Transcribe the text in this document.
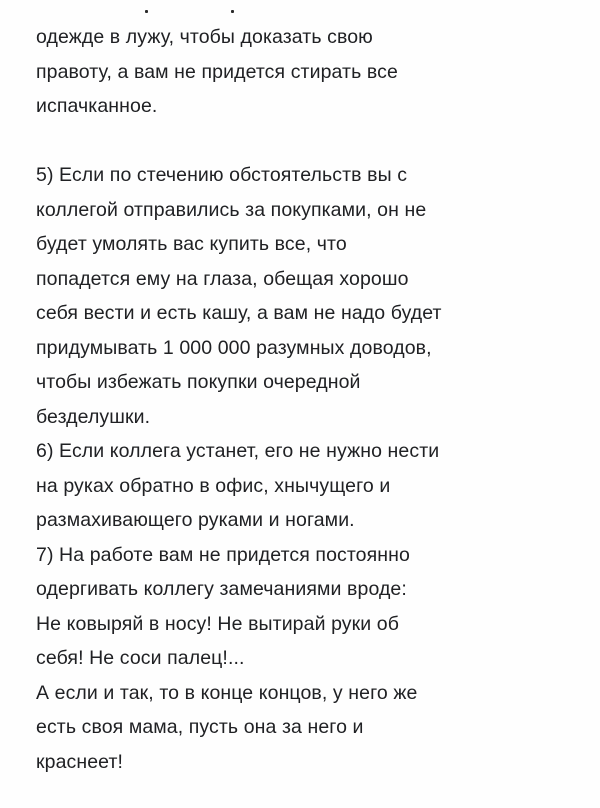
одежде в лужу, чтобы доказать свою
правоту, а вам не придется стирать все
испачканное.

5) Если по стечению обстоятельств вы с
коллегой отправились за покупками, он не
будет умолять вас купить все, что
попадется ему на глаза, обещая хорошо
себя вести и есть кашу, а вам не надо будет
придумывать 1 000 000 разумных доводов,
чтобы избежать покупки очередной
безделушки.

6) Если коллега устанет, его не нужно нести
на руках обратно в офис, хнычущего и
размахивающего руками и ногами.

7) На работе вам не придется постоянно
одергивать коллегу замечаниями вроде:
Не ковыряй в носу! Не вытирай руки об
себя! Не соси палец!...

А если и так, то в конце концов, у него же
есть своя мама, пусть она за него и
краснеет!
